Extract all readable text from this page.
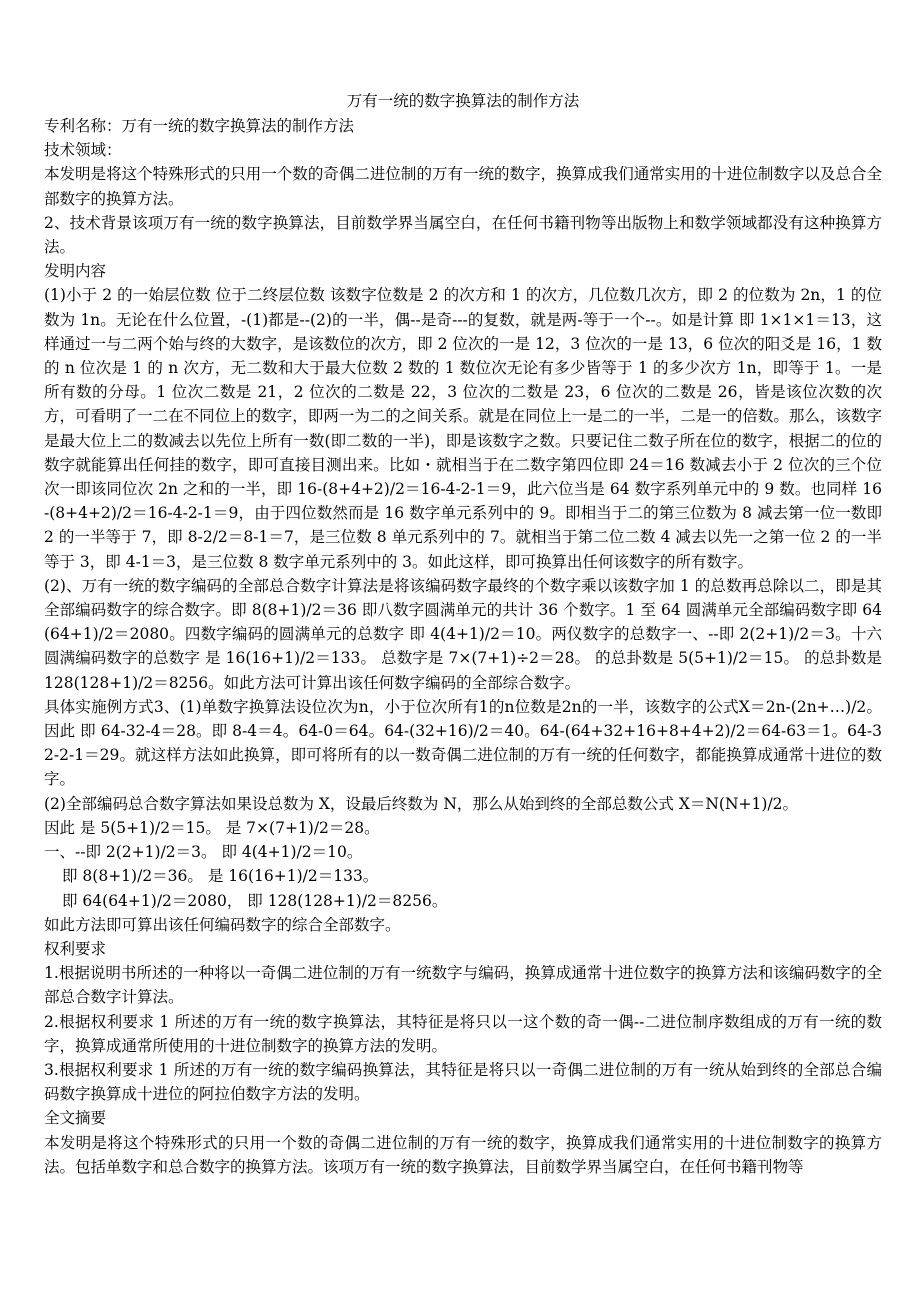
万有一统的数字换算法的制作方法

专利名称：万有一统的数字换算法的制作方法

技术领域：

本发明是将这个特殊形式的只用一个数的奇偶二进位制的万有一统的数字，换算成我们通常实用的十进位制数字以及总合全部数字的换算方法。

2、技术背景该项万有一统的数字换算法，目前数学界当属空白，在任何书籍刊物等出版物上和数学领域都没有这种换算方法。

发明内容

(1)小于 2 的一始层位数 位于二终层位数 该数字位数是 2 的次方和 1 的次方，几位数几次方，即 2 的位数为 2n，1 的位数为 1n。无论在什么位置，-(1)都是--(2)的一半，偶--是奇---的复数，就是两-等于一个--。如是计算 即 1×1×1＝13，这样通过一与二两个始与终的大数字，是该数位的次方，即 2 位次的一是 12，3 位次的一是 13，6 位次的阳爻是 16，1 数的 n 位次是 1 的 n 次方，无二数和大于最大位数 2 数的 1 数位次无论有多少皆等于 1 的多少次方 1n，即等于 1。一是所有数的分母。1 位次二数是 21，2 位次的二数是 22，3 位次的二数是 23，6 位次的二数是 26，皆是该位次数的次方，可看明了一二在不同位上的数字，即两一为二的之间关系。就是在同位上一是二的一半，二是一的倍数。那么，该数字是最大位上二的数减去以先位上所有一数(即二数的一半)，即是该数字之数。只要记住二数子所在位的数字，根据二的位的数字就能算出任何挂的数字，即可直接目测出来。比如・就相当于在二数字第四位即 24＝16 数减去小于 2 位次的三个位次一即该同位次 2n 之和的一半，即 16-(8+4+2)/2＝16-4-2-1＝9，此六位当是 64 数字系列单元中的 9 数。也同样 16-(8+4+2)/2＝16-4-2-1＝9，由于四位数然而是 16 数字单元系列中的 9。即相当于二的第三位数为 8 减去第一位一数即 2 的一半等于 7，即 8-2/2＝8-1＝7，是三位数 8 单元系列中的 7。就相当于第二位二数 4 减去以先一之第一位 2 的一半等于 3，即 4-1＝3，是三位数 8 数字单元系列中的 3。如此这样，即可换算出任何该数字的所有数字。

(2)、万有一统的数字编码的全部总合数字计算法是将该编码数字最终的个数字乘以该数字加 1 的总数再总除以二，即是其全部编码数字的综合数字。即 8(8+1)/2＝36 即八数字圆满单元的共计 36 个数字。1 至 64 圆满单元全部编码数字即 64(64+1)/2＝2080。四数字编码的圆满单元的总数字 即 4(4+1)/2＝10。两仪数字的总数字一、--即 2(2+1)/2＝3。十六圆满编码数字的总数字 是 16(16+1)/2＝133。 总数字是 7×(7+1)÷2＝28。 的总卦数是 5(5+1)/2＝15。 的总卦数是 128(128+1)/2＝8256。如此方法可计算出该任何数字编码的全部综合数字。

具体实施例方式3、(1)单数字换算法设位次为n，小于位次所有1的n位数是2n的一半，该数字的公式X＝2n-(2n+…)/2。因此 即 64-32-4＝28。即 8-4＝4。64-0＝64。64-(32+16)/2＝40。64-(64+32+16+8+4+2)/2＝64-63＝1。64-32-2-1＝29。就这样方法如此换算，即可将所有的以一数奇偶二进位制的万有一统的任何数字，都能换算成通常十进位的数字。

(2)全部编码总合数字算法如果设总数为 X，设最后终数为 N，那么从始到终的全部总数公式 X＝N(N+1)/2。

因此 是 5(5+1)/2＝15。 是 7×(7+1)/2＝28。

一、--即 2(2+1)/2＝3。 即 4(4+1)/2＝10。

即 8(8+1)/2＝36。 是 16(16+1)/2＝133。

即 64(64+1)/2＝2080， 即 128(128+1)/2＝8256。

如此方法即可算出该任何编码数字的综合全部数字。

权利要求

1.根据说明书所述的一种将以一奇偶二进位制的万有一统数字与编码，换算成通常十进位数字的换算方法和该编码数字的全部总合数字计算法。

2.根据权利要求 1 所述的万有一统的数字换算法，其特征是将只以一这个数的奇一偶--二进位制序数组成的万有一统的数字，换算成通常所使用的十进位制数字的换算方法的发明。

3.根据权利要求 1 所述的万有一统的数字编码换算法，其特征是将只以一奇偶二进位制的万有一统从始到终的全部总合编码数字换算成十进位的阿拉伯数字方法的发明。

全文摘要

本发明是将这个特殊形式的只用一个数的奇偶二进位制的万有一统的数字，换算成我们通常实用的十进位制数字的换算方法。包括单数字和总合数字的换算方法。该项万有一统的数字换算法，目前数学界当属空白，在任何书籍刊物等
